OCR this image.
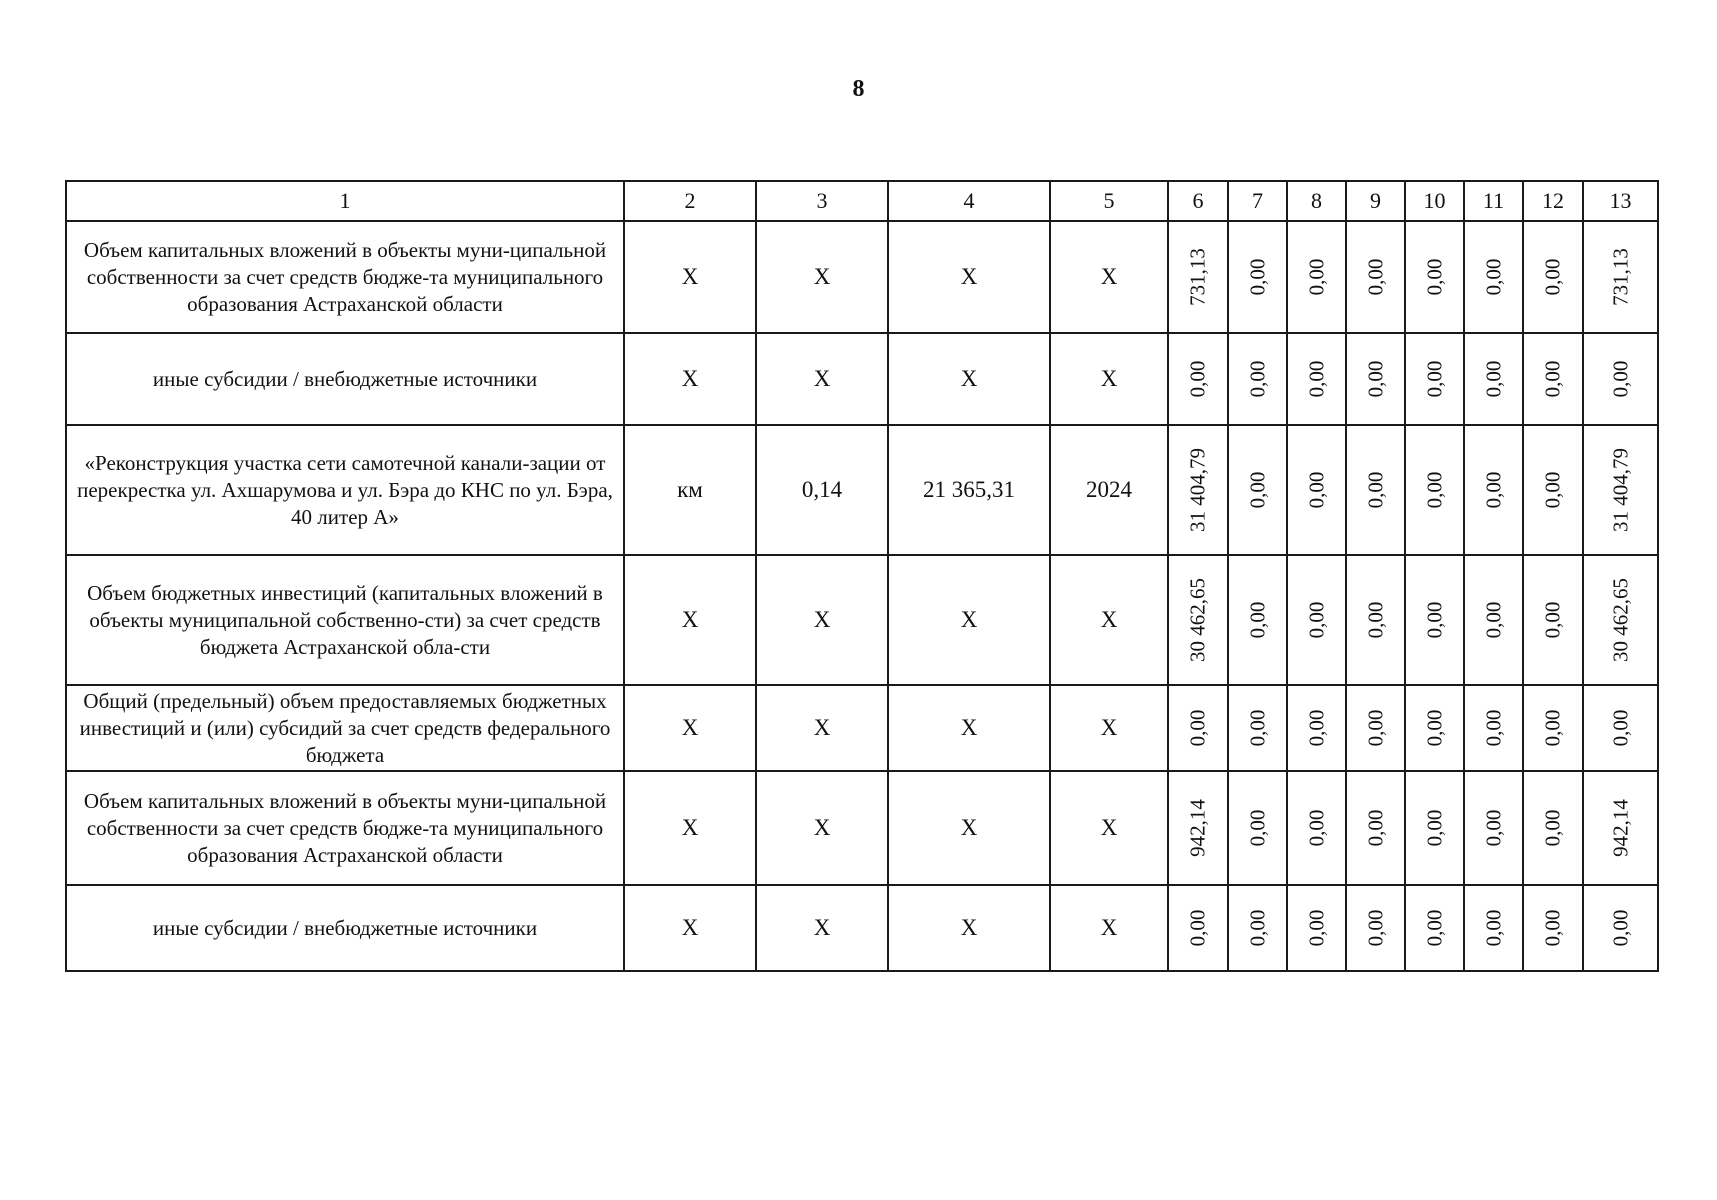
8
1	2	3	4	5	6	7	8	9	10	11	12	13
Объем капитальных вложений в объекты муни-ципальной собственности за счет средств бюдже-та муниципального образования Астраханской области	X	X	X	X	731,13	0,00	0,00	0,00	0,00	0,00	0,00	731,13

иные субсидии / внебюджетные источники	X	X	X	X	0,00	0,00	0,00	0,00	0,00	0,00	0,00	0,00

«Реконструкция участка сети самотечной канали-зации от перекрестка ул. Ахшарумова и ул. Бэра до КНС по ул. Бэра, 40 литер А»	км	0,14	21 365,31	2024	31 404,79	0,00	0,00	0,00	0,00	0,00	0,00	31 404,79

Объем бюджетных инвестиций (капитальных вложений в объекты муниципальной собственно-сти) за счет средств бюджета Астраханской обла-сти	X	X	X	X	30 462,65	0,00	0,00	0,00	0,00	0,00	0,00	30 462,65

Общий (предельный) объем предоставляемых бюджетных инвестиций и (или) субсидий за счет средств федерального бюджета	X	X	X	X	0,00	0,00	0,00	0,00	0,00	0,00	0,00	0,00

Объем капитальных вложений в объекты муни-ципальной собственности за счет средств бюдже-та муниципального образования Астраханской области	X	X	X	X	942,14	0,00	0,00	0,00	0,00	0,00	0,00	942,14

иные субсидии / внебюджетные источники	X	X	X	X	0,00	0,00	0,00	0,00	0,00	0,00	0,00	0,00
